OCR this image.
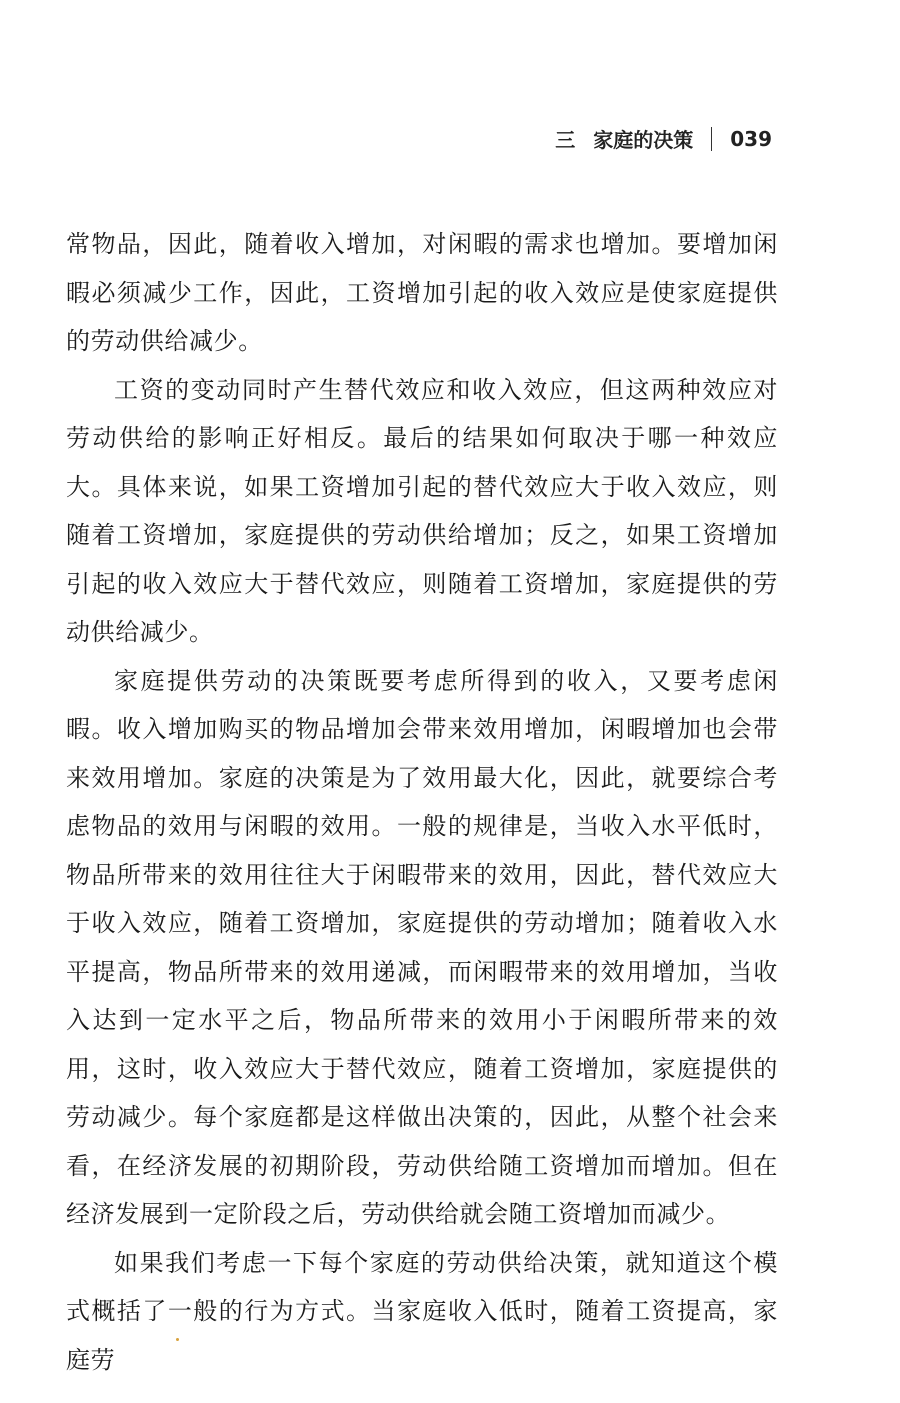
三 家庭的决策 039

常物品，因此，随着收入增加，对闲暇的需求也增加。要增加闲暇必须减少工作，因此，工资增加引起的收入效应是使家庭提供的劳动供给减少。

工资的变动同时产生替代效应和收入效应，但这两种效应对劳动供给的影响正好相反。最后的结果如何取决于哪一种效应大。具体来说，如果工资增加引起的替代效应大于收入效应，则随着工资增加，家庭提供的劳动供给增加；反之，如果工资增加引起的收入效应大于替代效应，则随着工资增加，家庭提供的劳动供给减少。

家庭提供劳动的决策既要考虑所得到的收入，又要考虑闲暇。收入增加购买的物品增加会带来效用增加，闲暇增加也会带来效用增加。家庭的决策是为了效用最大化，因此，就要综合考虑物品的效用与闲暇的效用。一般的规律是，当收入水平低时，物品所带来的效用往往大于闲暇带来的效用，因此，替代效应大于收入效应，随着工资增加，家庭提供的劳动增加；随着收入水平提高，物品所带来的效用递减，而闲暇带来的效用增加，当收入达到一定水平之后，物品所带来的效用小于闲暇所带来的效用，这时，收入效应大于替代效应，随着工资增加，家庭提供的劳动减少。每个家庭都是这样做出决策的，因此，从整个社会来看，在经济发展的初期阶段，劳动供给随工资增加而增加。但在经济发展到一定阶段之后，劳动供给就会随工资增加而减少。

如果我们考虑一下每个家庭的劳动供给决策，就知道这个模式概括了一般的行为方式。当家庭收入低时，随着工资提高，家庭劳
